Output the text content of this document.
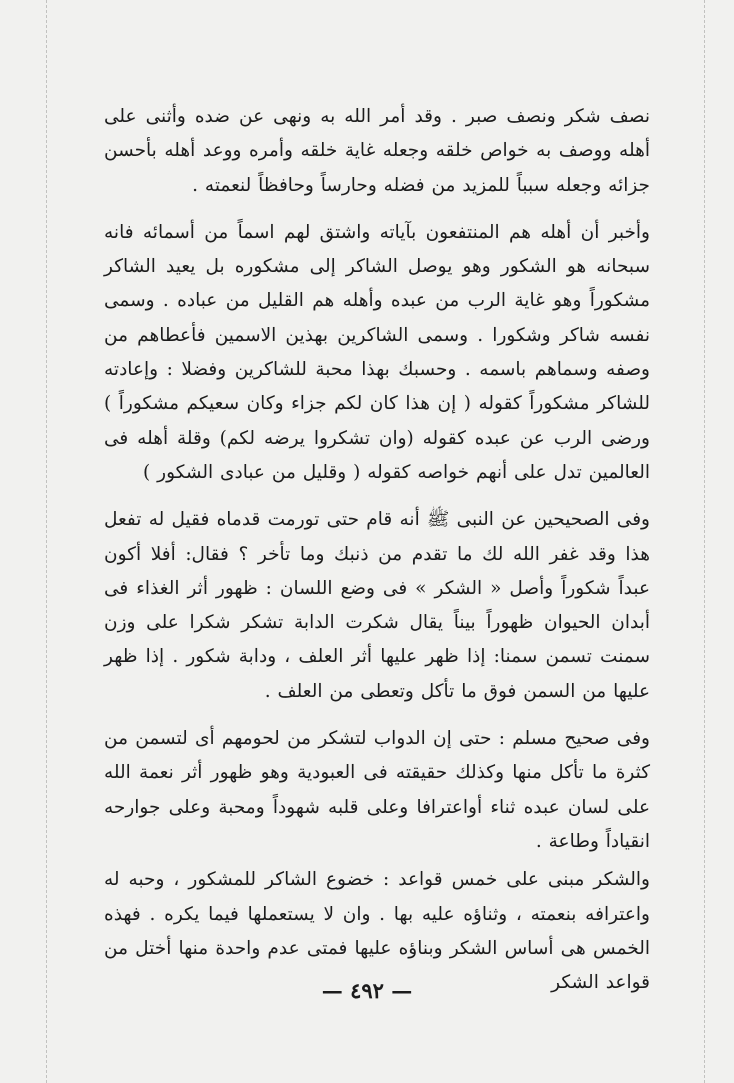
نصف شكر ونصف صبر . وقد أمر الله به ونهى عن ضده وأثنى على أهله ووصف به خواص خلقه وجعله غاية خلقه وأمره ووعد أهله بأحسن جزائه وجعله سبباً للمزيد من فضله وحارساً وحافظاً لنعمته .

وأخبر أن أهله هم المنتفعون بآياته واشتق لهم اسماً من أسمائه فانه سبحانه هو الشكور وهو يوصل الشاكر إلى مشكوره بل يعيد الشاكر مشكوراً وهو غاية الرب من عبده وأهله هم القليل من عباده . وسمى نفسه شاكر وشكورا . وسمى الشاكرين بهذين الاسمين فأعطاهم من وصفه وسماهم باسمه . وحسبك بهذا محبة للشاكرين وفضلا : وإعادته للشاكر مشكوراً كقوله ( إن هذا كان لكم جزاء وكان سعيكم مشكوراً ) ورضى الرب عن عبده كقوله (وان تشكروا يرضه لكم) وقلة أهله فى العالمين تدل على أنهم خواصه كقوله ( وقليل من عبادى الشكور )

وفى الصحيحين عن النبى ﷺ أنه قام حتى تورمت قدماه فقيل له تفعل هذا وقد غفر الله لك ما تقدم من ذنبك وما تأخر ؟ فقال: أفلا أكون عبداً شكوراً وأصل « الشكر » فى وضع اللسان : ظهور أثر الغذاء فى أبدان الحيوان ظهوراً بيناً يقال شكرت الدابة تشكر شكرا على وزن سمنت تسمن سمنا: إذا ظهر عليها أثر العلف ، ودابة شكور . إذا ظهر عليها من السمن فوق ما تأكل وتعطى من العلف .

وفى صحيح مسلم : حتى إن الدواب لتشكر من لحومهم أى لتسمن من كثرة ما تأكل منها وكذلك حقيقته فى العبودية وهو ظهور أثر نعمة الله على لسان عبده ثناء أواعترافا وعلى قلبه شهوداً ومحبة وعلى جوارحه انقياداً وطاعة .

والشكر مبنى على خمس قواعد : خضوع الشاكر للمشكور ، وحبه له واعترافه بنعمته ، وثناؤه عليه بها . وان لا يستعملها فيما يكره . فهذه الخمس هى أساس الشكر وبناؤه عليها فمتى عدم واحدة منها أختل من قواعد الشكر

— ٤٩٢ —
